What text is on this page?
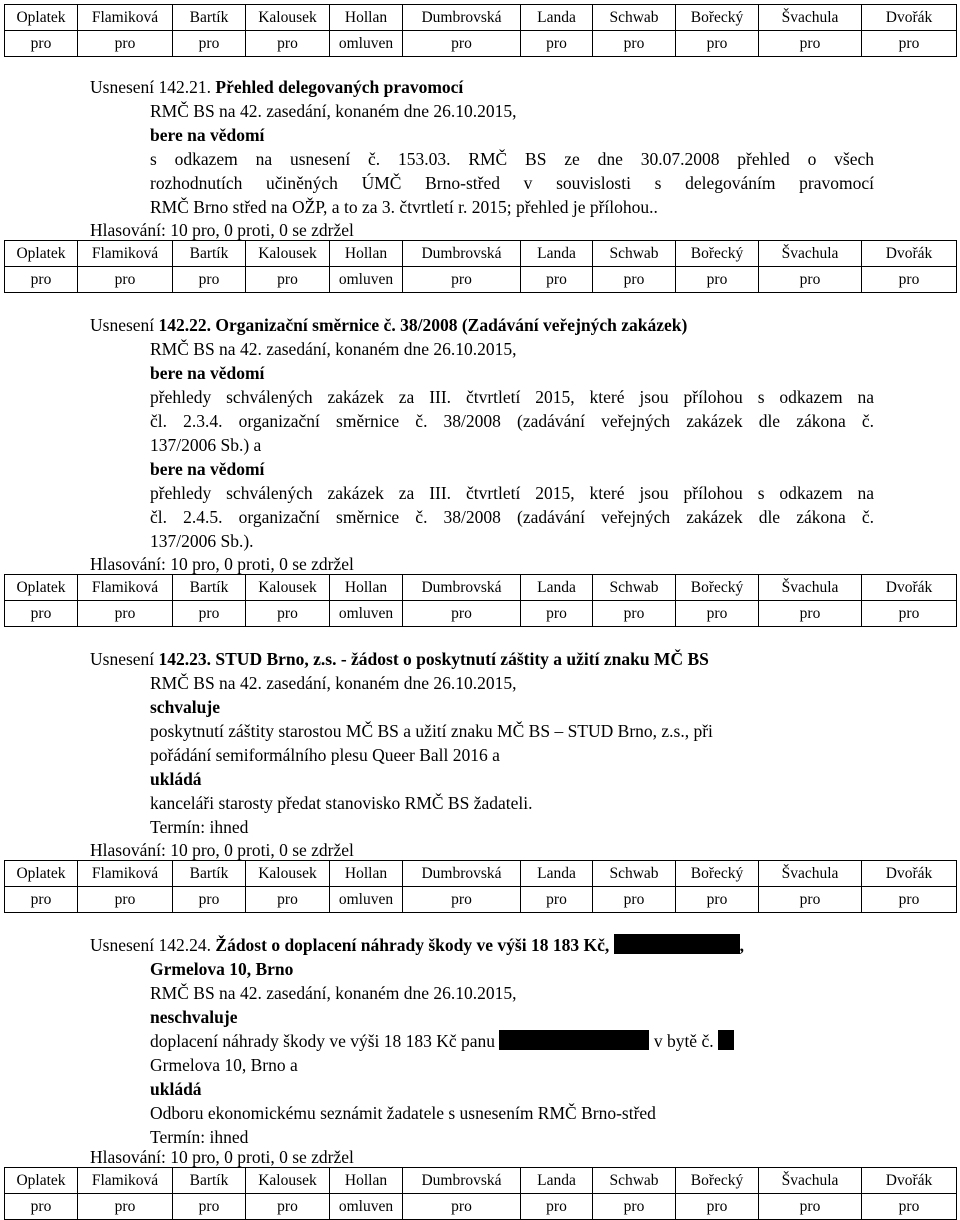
Oplatek	Flamiková	Bartík	Kalousek	Hollan	Dumbrovská	Landa	Schwab	Bořecký	Švachula	Dvořák
pro	pro	pro	pro	omluven	pro	pro	pro	pro	pro	pro
Oplatek	Flamiková	Bartík	Kalousek	Hollan	Dumbrovská	Landa	Schwab	Bořecký	Švachula	Dvořák
pro	pro	pro	pro	omluven	pro	pro	pro	pro	pro	pro
Oplatek	Flamiková	Bartík	Kalousek	Hollan	Dumbrovská	Landa	Schwab	Bořecký	Švachula	Dvořák
pro	pro	pro	pro	omluven	pro	pro	pro	pro	pro	pro
Oplatek	Flamiková	Bartík	Kalousek	Hollan	Dumbrovská	Landa	Schwab	Bořecký	Švachula	Dvořák
pro	pro	pro	pro	omluven	pro	pro	pro	pro	pro	pro
Oplatek	Flamiková	Bartík	Kalousek	Hollan	Dumbrovská	Landa	Schwab	Bořecký	Švachula	Dvořák
pro	pro	pro	pro	omluven	pro	pro	pro	pro	pro	pro
Usnesení 142.21. Přehled delegovaných pravomocí
RMČ BS na 42. zasedání, konaném dne 26.10.2015,
bere na vědomí
s odkazem na usnesení č. 153.03. RMČ BS ze dne 30.07.2008 přehled o všech
rozhodnutích učiněných ÚMČ Brno-střed v souvislosti s delegováním pravomocí
RMČ Brno střed na OŽP, a to za 3. čtvrtletí r. 2015; přehled je přílohou..
Hlasování: 10 pro, 0 proti, 0 se zdržel
Usnesení 142.22. Organizační směrnice č. 38/2008 (Zadávání veřejných zakázek)
RMČ BS na 42. zasedání, konaném dne 26.10.2015,
bere na vědomí
přehledy schválených zakázek za III. čtvrtletí 2015, které jsou přílohou s odkazem na
čl. 2.3.4. organizační směrnice č. 38/2008 (zadávání veřejných zakázek dle zákona č.
137/2006 Sb.) a
bere na vědomí
přehledy schválených zakázek za III. čtvrtletí 2015, které jsou přílohou s odkazem na
čl. 2.4.5. organizační směrnice č. 38/2008 (zadávání veřejných zakázek dle zákona č.
137/2006 Sb.).
Hlasování: 10 pro, 0 proti, 0 se zdržel
Usnesení 142.23. STUD Brno, z.s. - žádost o poskytnutí záštity a užití znaku MČ BS
RMČ BS na 42. zasedání, konaném dne 26.10.2015,
schvaluje
poskytnutí záštity starostou MČ BS a užití znaku MČ BS – STUD Brno, z.s., při
pořádání semiformálního plesu Queer Ball 2016 a
ukládá
kanceláři starosty předat stanovisko RMČ BS žadateli.
Termín: ihned
Hlasování: 10 pro, 0 proti, 0 se zdržel
Usnesení 142.24. Žádost o doplacení náhrady škody ve výši 18 183 Kč,	,
Grmelova 10, Brno
RMČ BS na 42. zasedání, konaném dne 26.10.2015,
neschvaluje
doplacení náhrady škody ve výši 18 183 Kč panu	v bytě č.
Grmelova 10, Brno a
ukládá
Odboru ekonomickému seznámit žadatele s usnesením RMČ Brno-střed
Termín: ihned
Hlasování: 10 pro, 0 proti, 0 se zdržel
